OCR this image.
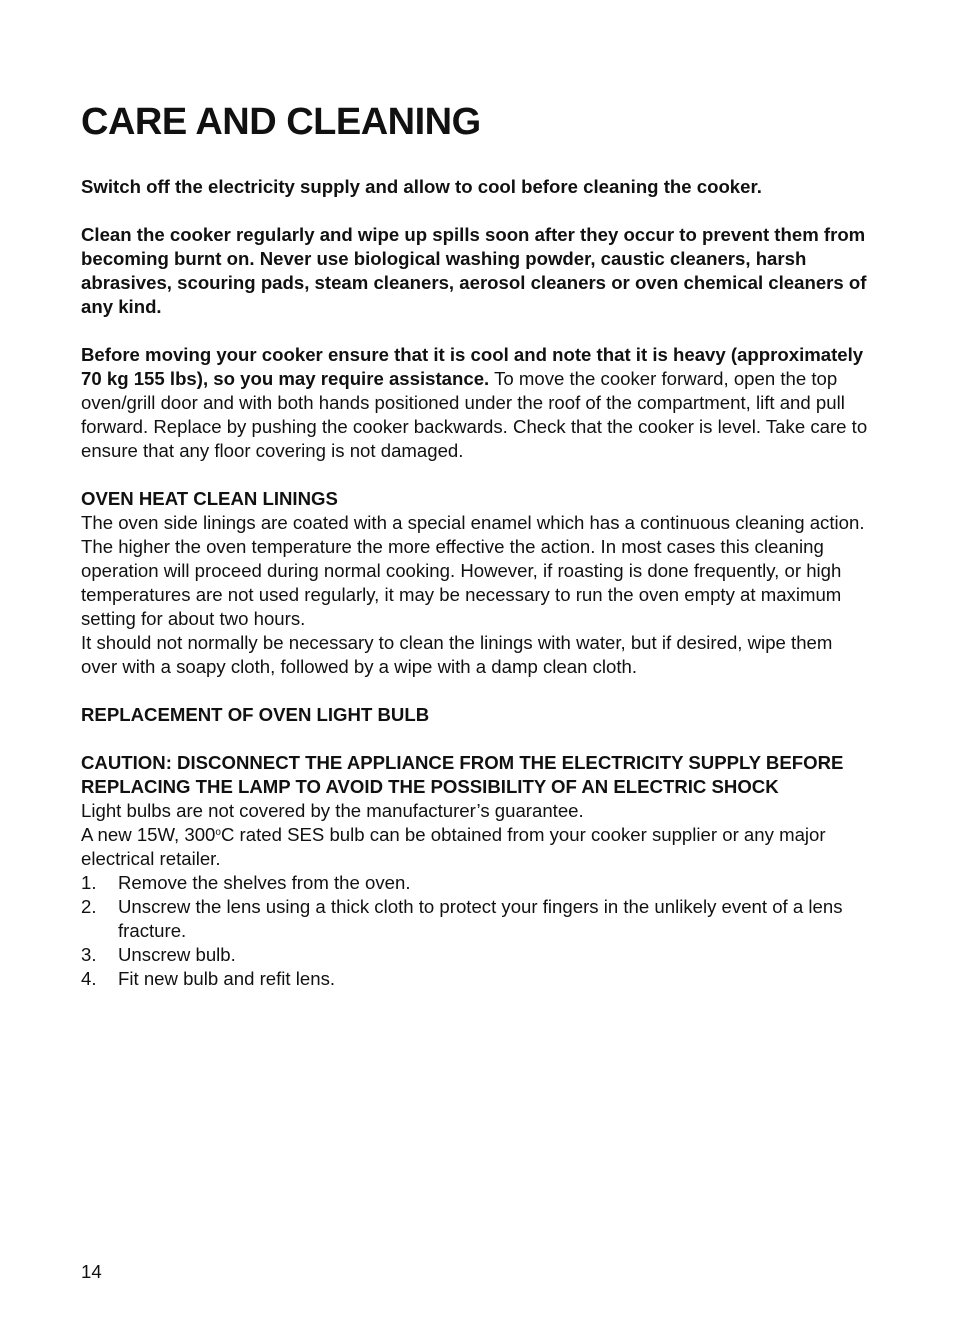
CARE AND CLEANING

Switch off the electricity supply and allow to cool before cleaning the cooker.

Clean the cooker regularly and wipe up spills soon after they occur to prevent them from becoming burnt on. Never use biological washing powder, caustic cleaners, harsh abrasives, scouring pads, steam cleaners, aerosol cleaners or oven chemical cleaners of any kind.

Before moving your cooker ensure that it is cool and note that it is heavy (approximately 70 kg 155 lbs), so you may require assistance. To move the cooker forward, open the top oven/grill door and with both hands positioned under the roof of the compartment, lift and pull forward. Replace by pushing the cooker backwards. Check that the cooker is level. Take care to ensure that any floor covering is not damaged.

OVEN HEAT CLEAN LININGS

The oven side linings are coated with a special enamel which has a continuous cleaning action. The higher the oven temperature the more effective the action. In most cases this cleaning operation will proceed during normal cooking. However, if roasting is done frequently, or high temperatures are not used regularly, it may be necessary to run the oven empty at maximum setting for about two hours.

It should not normally be necessary to clean the linings with water, but if desired, wipe them over with a soapy cloth, followed by a wipe with a damp clean cloth.

REPLACEMENT OF OVEN LIGHT BULB

CAUTION: DISCONNECT THE APPLIANCE FROM THE ELECTRICITY SUPPLY BEFORE REPLACING THE LAMP TO AVOID THE POSSIBILITY OF AN ELECTRIC SHOCK

Light bulbs are not covered by the manufacturer’s guarantee.

A new 15W, 300$^o$C rated SES bulb can be obtained from your cooker supplier or any major electrical retailer.

1. Remove the shelves from the oven.
2. Unscrew the lens using a thick cloth to protect your fingers in the unlikely event of a lens fracture.
3. Unscrew bulb.
4. Fit new bulb and refit lens.
14
